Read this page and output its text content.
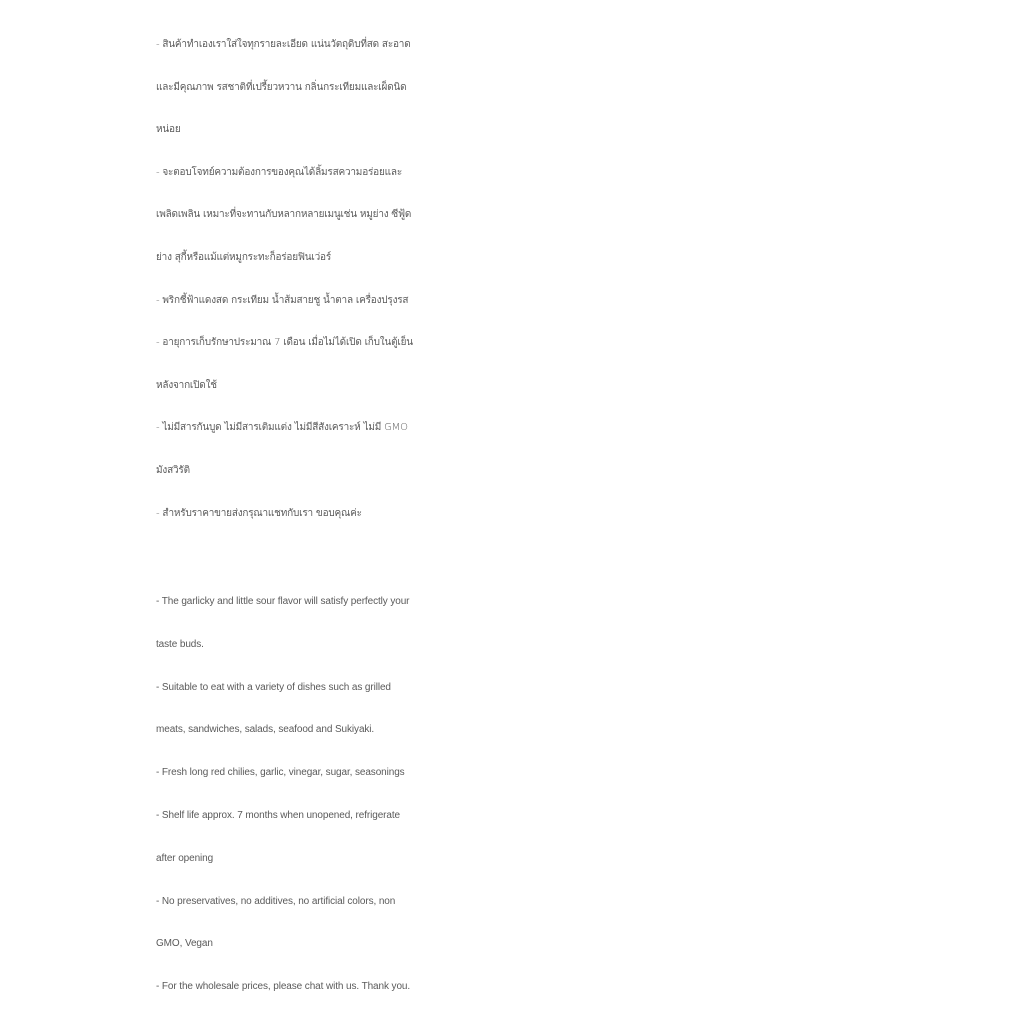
- สินค้าทำเองเราใส่ใจทุกรายละเอียด แน่นวัตถุดิบที่สด สะอาด

และมีคุณภาพ รสชาติที่เปรี้ยวหวาน กลิ่นกระเทียมและเผ็ดนิด

หน่อย

- จะตอบโจทย์ความต้องการของคุณได้ลิ้มรสความอร่อยและ

เพลิดเพลิน เหมาะที่จะทานกับหลากหลายเมนูเช่น หมูย่าง ซีฟู้ด

ย่าง สุกี้หรือแม้แต่หมูกระทะก็อร่อยฟินเว่อร์

- พริกชี้ฟ้าแดงสด กระเทียม น้ำส้มสายชู น้ำตาล เครื่องปรุงรส

- อายุการเก็บรักษาประมาณ 7 เดือน เมื่อไม่ได้เปิด เก็บในตู้เย็น

หลังจากเปิดใช้

- ไม่มีสารกันบูด ไม่มีสารเติมแต่ง ไม่มีสีสังเคราะห์ ไม่มี GMO

มังสวิรัติ

- สำหรับราคาขายส่งกรุณาแชทกับเรา ขอบคุณค่ะ

- The garlicky and little sour flavor will satisfy perfectly your

taste buds.

- Suitable to eat with a variety of dishes such as grilled

meats, sandwiches, salads, seafood and Sukiyaki.

- Fresh long red chilies, garlic, vinegar, sugar, seasonings

- Shelf life approx. 7 months when unopened, refrigerate

after opening

- No preservatives, no additives, no artificial colors, non

GMO, Vegan

- For the wholesale prices, please chat with us. Thank you.
